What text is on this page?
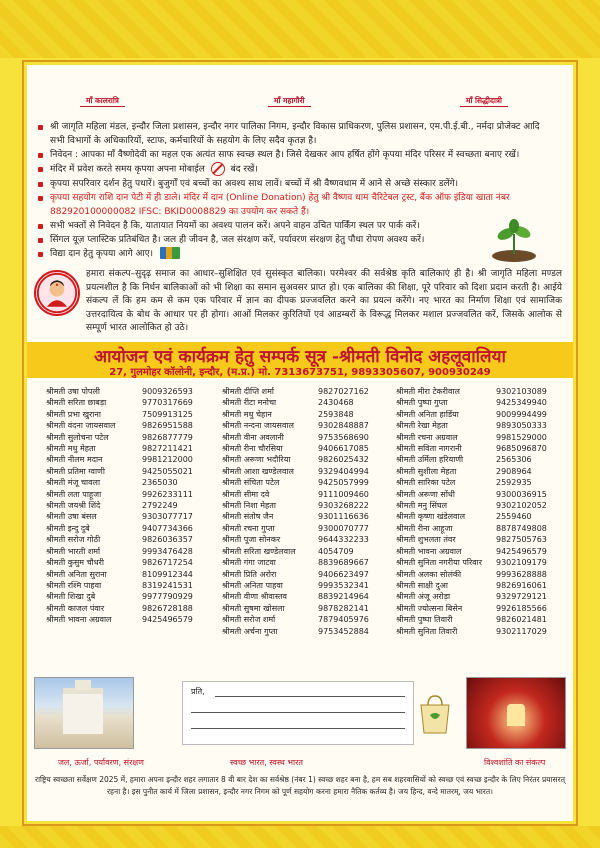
माँ कालरात्रि	माँ महागौरी	माँ सिद्धीदात्री
श्री जागृति महिला मंडल, इन्दौर जिला प्रशासन, इन्दौर नगर पालिका निगम, इन्दौर विकास प्राधिकरण, पुलिस प्रशासन, एम.पी.ई.बी., नर्मदा प्रोजेक्ट आदि सभी विभागों के अधिकारियों, स्टाफ, कर्मचारियों के सहयोग के लिए सदैव कृतज्ञ है।
निवेदन : आपका माँ वैष्णोदेवी का महल एक अत्यंत साफ स्वच्छ स्थल है। जिसे देखकर आप हर्षित होंगे कृपया मंदिर परिसर में स्वच्छता बनाए रखें।
मंदिर में प्रवेश करते समय कृपया अपना मोबाईल	बंद रखें।
कृपया सपरिवार दर्शन हेतु पधारें। बुजुर्गों एवं बच्चों का अवश्य साथ लावें। बच्चों में श्री वैष्णवधाम में आने से अच्छे संस्कार डलेंगे।
कृपया सहयोग राशि दान पेटी में ही डाले। मंदिर में दान (Online Donation) हेतु श्री वैष्णव धाम चैरिटेबल ट्रस्ट, बैंक ऑफ इंडिया खाता नंबर 882920100000082 IFSC: BKID0008829 का उपयोग कर सकते हैं।
सभी भक्तों से निवेदन है कि, यातायात नियमों का अवश्य पालन करें। अपने वाहन उचित पार्किंग स्थल पर पार्क करें।
सिंगल यूज़ प्लास्टिक प्रतिबंधित है। जल ही जीवन है, जल संरक्षण करें, पर्यावरण संरक्षण हेतु पौधा रोपण अवश्य करें।
विद्या दान हेतु कृपया आगे आए।
हमारा संकल्प–सुदृढ़ समाज का आधार–सुशिक्षित एवं सुसंस्कृत बालिका। परमेश्वर की सर्वश्रेष्ठ कृति बालिकाएं ही है। श्री जागृति महिला मण्डल प्रयत्नशील है कि निर्धन बालिकाओं को भी शिक्षा का समान सुअवसर प्राप्त हो। एक बालिका की शिक्षा, पूरे परिवार को दिशा प्रदान करती है। आईये संकल्प लें कि हम कम से कम एक परिवार में ज्ञान का दीपक प्रज्जवलित करने का प्रयत्न करेंगे। नए भारत का निर्माण शिक्षा एवं सामाजिक उत्तरदायित्व के बोध के आधार पर ही होगा। आओं मिलकर कुरितियों एवं आडम्बरों के विरूद्ध मिलकर मशाल प्रज्जवलित करें, जिसके आलोक से सम्पूर्ण भारत आलोकित हो उठे।
आयोजन एवं कार्यक्रम हेतु सम्पर्क सूत्र -श्रीमती विनोद अहलूवालिया
27, गुलमोहर कॉलोनी, इन्दौर, (म.प्र.) मो. 7313673751, 9893305607, 900930249
श्रीमती उषा पोपली	9009326593
श्रीमती सरिता छाबड़ा	9770317669
श्रीमती प्रभा खुराना	7509913125
श्रीमती वंदना जायसवाल	9826951588
श्रीमती सुलोचना पटेल	9826877779
श्रीमती मधु मेहता	9827211421
श्रीमती नीलम मदान	9981212000
श्रीमती प्रतिमा ग्वाणी	9425055021
श्रीमती मंजू चावला	2365030
श्रीमती लता पाहूजा	9926233111
श्रीमती जयश्री शिंदे	2792249
श्रीमती उषा बंसल	9303077717
श्रीमती इन्दु दुबे	9407734366
श्रीमती सरोज गोठी	9826036357
श्रीमती भारती शर्मा	9993476428
श्रीमती कुसुम चौधरी	9826717254
श्रीमती अनिता सुराना	8109912344
श्रीमती रश्मि पाहवा	8319241531
श्रीमती शिखा दुबे	9977790929
श्रीमती काजल पंवार	9826728188
श्रीमती भावना अग्रवाल	9425496579
श्रीमती दीप्ति शर्मा	9827027162
श्रीमती रीटा मनोचा	2430468
श्रीमती मधु चेहान	2593848
श्रीमती नन्दना जायसवाल	9302848887
श्रीमती वीना अवलानी	9753568690
श्रीमती रीना चौरसिया	9406617085
श्रीमती अरूणा भदौरिया	9826025432
श्रीमती आशा खण्डेलवाल	9329404994
श्रीमती संचिता पटेल	9425057999
श्रीमती सीमा दवे	9111009460
श्रीमती निशा मेहता	9303268222
श्रीमती संतोष जैन	9301116636
श्रीमती रचना गुप्ता	9300070777
श्रीमती पूजा सोनकर	9644332233
श्रीमती सरिता खण्डेलवाल	4054709
श्रीमती गंगा जाटवा	8839689667
श्रीमती प्रिति अरोरा	9406623497
श्रीमती अनिता पाहवा	9993532341
श्रीमती वीणा श्रीवास्तव	8839214964
श्रीमती सुषमा खोसला	9878282141
श्रीमती सरोज शर्मा	7879405976
श्रीमती अर्चना गुप्ता	9753452884
श्रीमती मीरा टेकरीवाल	9302103089
श्रीमती पुष्पा गुप्ता	9425349940
श्रीमती अनिता हार्डिया	9009994499
श्रीमती रेखा मेहता	9893050333
श्रीमती रचना अग्रवाल	9981529000
श्रीमती सविता नागरानी	9685096870
श्रीमती उर्मिला हरियाणी	2565306
श्रीमती सुशीला मेहता	2908964
श्रीमती सारिका पटेल	2592935
श्रीमती अरूणा सोंधी	9300036915
श्रीमती मनु सिंघल	9302102052
श्रीमती कृष्णा खंडेलवाल	2559460
श्रीमती रीना आहूजा	8878749808
श्रीमती शुभलता तंवर	9827505763
श्रीमती भावना अग्रवाल	9425496579
श्रीमती सुनिता नगरीया परिवार	9302109179
श्रीमती अलका सोलंकी	9993628888
श्रीमती साक्षी दुआ	9826916061
श्रीमती अंजू अरोड़ा	9329729121
श्रीमती ज्योत्सना बिसेन	9926185566
श्रीमती पुष्पा तिवारी	9826021481
श्रीमती सुनिता तिवारी	9302117029
प्रति,
जल, ऊर्जा, पर्यावरण, संरक्षण	स्वच्छ भारत, स्वस्थ भारत	विश्वशांति का संकल्प
राष्ट्रिय स्वच्छता सर्वेक्षण 2025 में, हमारा अपना इन्दौर शहर लगातार 8 वी बार देश का सर्वश्रेष्ठ (नंबर 1) स्वच्छ शहर बना है, हम सब शहरवासियों को स्वच्छ एवं स्वच्छ इन्दौर के लिए निरंतर प्रयासरत् रहना है। इस पुनीत कार्य में जिला प्रशासन, इन्दौर नगर निगम को पूर्ण सहयोग करना हमारा नैतिक कर्तव्य है। जय हिन्द, वन्दे मातरम्, जय भारत।
